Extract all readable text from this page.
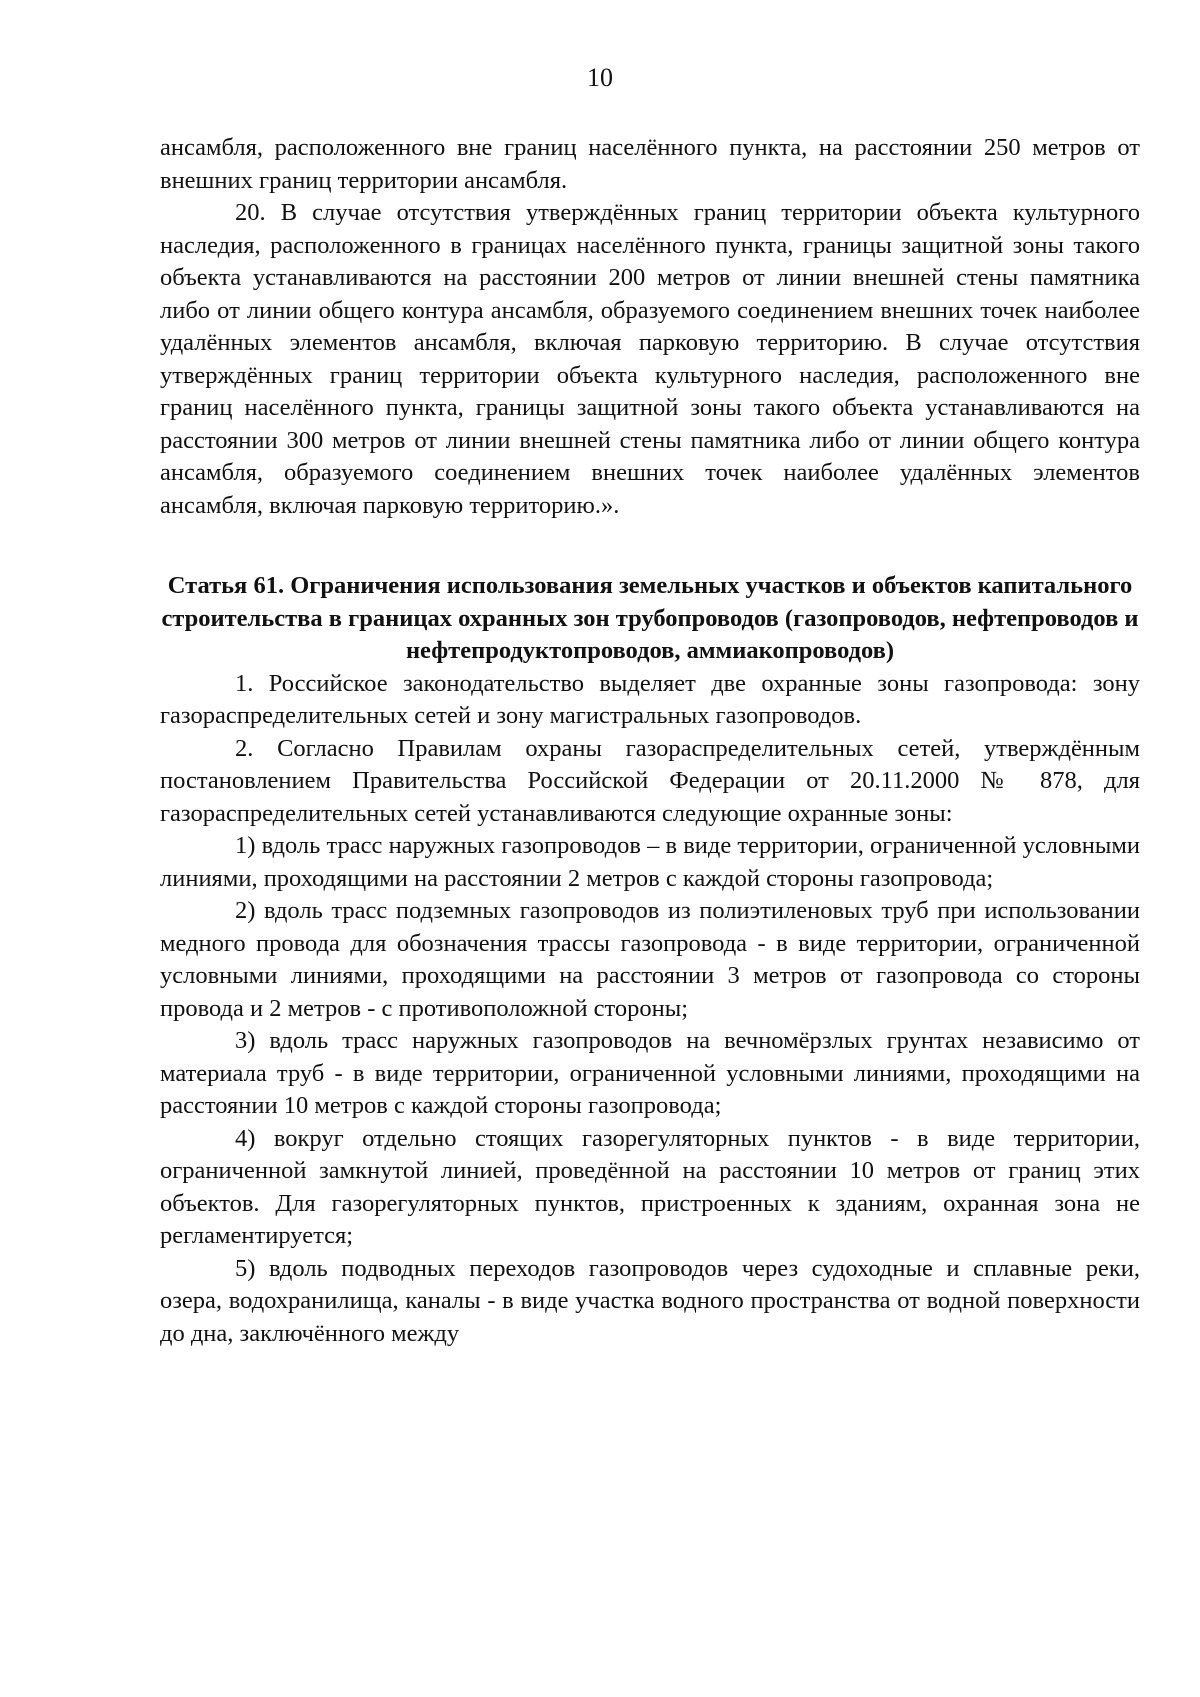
10

ансамбля, расположенного вне границ населённого пункта, на расстоянии 250 метров от внешних границ территории ансамбля.

20. В случае отсутствия утверждённых границ территории объекта культурного наследия, расположенного в границах населённого пункта, границы защитной зоны такого объекта устанавливаются на расстоянии 200 метров от линии внешней стены памятника либо от линии общего контура ансамбля, образуемого соединением внешних точек наиболее удалённых элементов ансамбля, включая парковую территорию. В случае отсутствия утверждённых границ территории объекта культурного наследия, расположенного вне границ населённого пункта, границы защитной зоны такого объекта устанавливаются на расстоянии 300 метров от линии внешней стены памятника либо от линии общего контура ансамбля, образуемого соединением внешних точек наиболее удалённых элементов ансамбля, включая парковую территорию.».

Статья 61. Ограничения использования земельных участков и объектов капитального строительства в границах охранных зон трубопроводов (газопроводов, нефтепроводов и нефтепродуктопроводов, аммиакопроводов)

1. Российское законодательство выделяет две охранные зоны газопровода: зону газораспределительных сетей и зону магистральных газопроводов.

2. Согласно Правилам охраны газораспределительных сетей, утверждённым постановлением Правительства Российской Федерации от 20.11.2000 № 878, для газораспределительных сетей устанавливаются следующие охранные зоны:

1) вдоль трасс наружных газопроводов – в виде территории, ограниченной условными линиями, проходящими на расстоянии 2 метров с каждой стороны газопровода;

2) вдоль трасс подземных газопроводов из полиэтиленовых труб при использовании медного провода для обозначения трассы газопровода - в виде территории, ограниченной условными линиями, проходящими на расстоянии 3 метров от газопровода со стороны провода и 2 метров - с противоположной стороны;

3) вдоль трасс наружных газопроводов на вечномёрзлых грунтах независимо от материала труб - в виде территории, ограниченной условными линиями, проходящими на расстоянии 10 метров с каждой стороны газопровода;

4) вокруг отдельно стоящих газорегуляторных пунктов - в виде территории, ограниченной замкнутой линией, проведённой на расстоянии 10 метров от границ этих объектов. Для газорегуляторных пунктов, пристроенных к зданиям, охранная зона не регламентируется;

5) вдоль подводных переходов газопроводов через судоходные и сплавные реки, озера, водохранилища, каналы - в виде участка водного пространства от водной поверхности до дна, заключённого между
